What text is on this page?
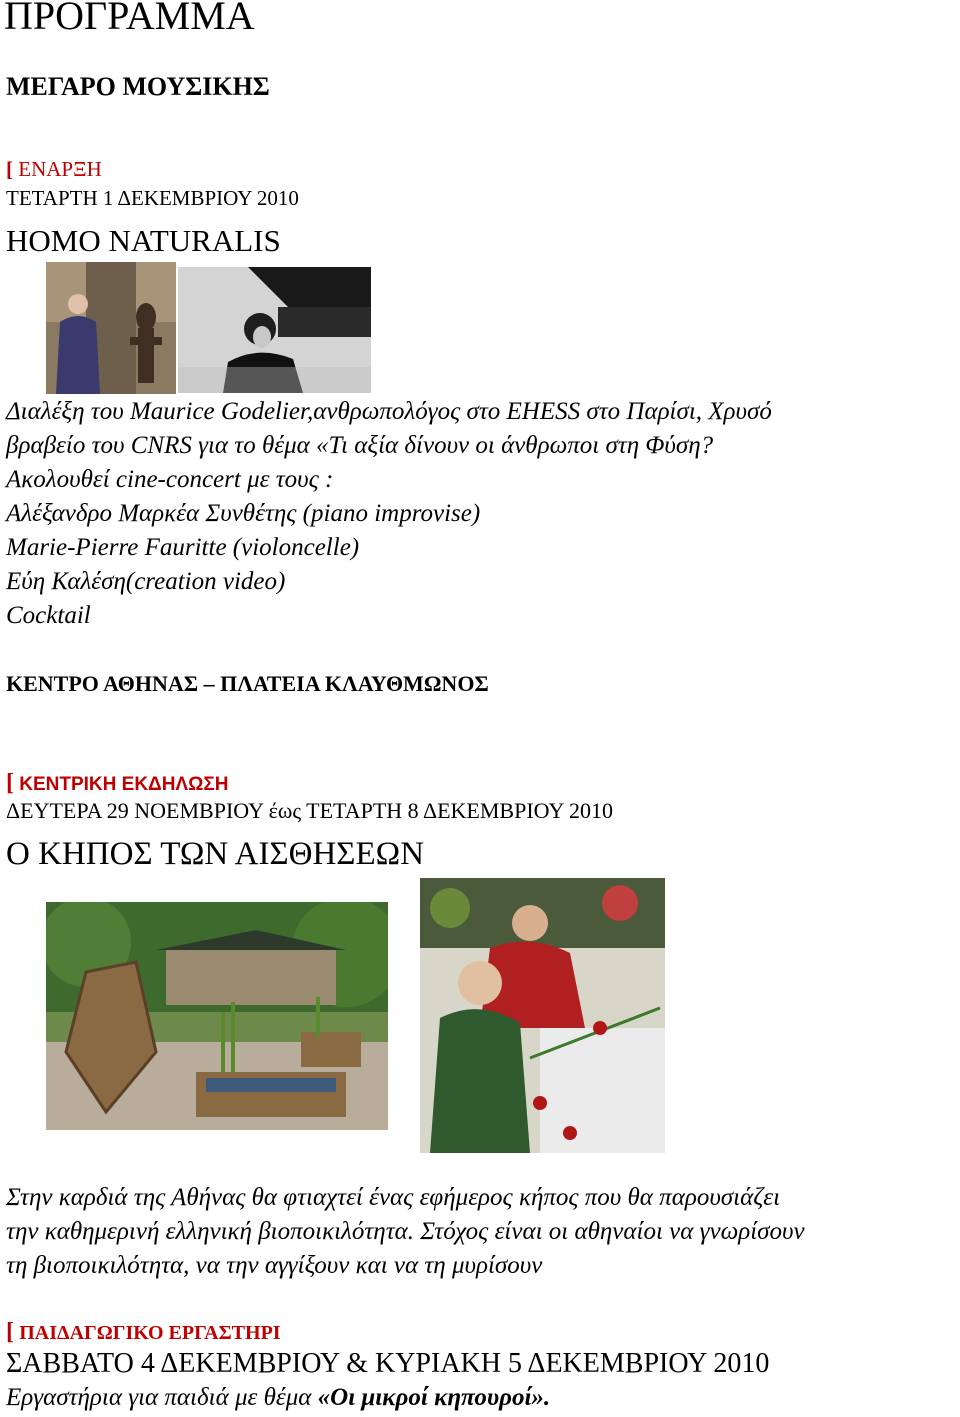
ΠΡΟΓΡΑΜΜΑ
ΜΕΓΑΡΟ ΜΟΥΣΙΚΗΣ
[ ΕΝΑΡΞΗ
ΤΕΤΑΡΤΗ 1 ΔΕΚΕΜΒΡΙΟΥ 2010
HOMO NATURALIS
Διαλέξη του Maurice Godelier,ανθρωπολόγος στο EHESS στο Παρίσι, Χρυσό
βραβείο του CNRS για το θέμα «Τι αξία δίνουν οι άνθρωποι στη Φύση?
Ακολουθεί cine-concert με τους :
Αλέξανδρο Μαρκέα Συνθέτης (piano improvise)
Marie-Pierre Fauritte (violoncelle)
Εύη Καλέση(creation video)
Cocktail
ΚΕΝΤΡΟ ΑΘΗΝΑΣ – ΠΛΑΤΕΙΑ ΚΛΑΥΘΜΩΝΟΣ
[ ΚΕΝΤΡΙΚΗ ΕΚΔΗΛΩΣΗ
ΔΕΥΤΕΡΑ 29 ΝΟΕΜΒΡΙΟΥ έως ΤΕΤΑΡΤΗ 8 ΔΕΚΕΜΒΡΙΟΥ 2010
Ο ΚΗΠΟΣ ΤΩΝ ΑΙΣΘΗΣΕΩΝ
Στην καρδιά της Αθήνας θα φτιαχτεί ένας εφήμερος κήπος που θα παρουσιάζει
την καθημερινή ελληνική βιοποικιλότητα. Στόχος είναι οι αθηναίοι να γνωρίσουν
τη βιοποικιλότητα, να την αγγίξουν και να τη μυρίσουν
[ ΠΑΙΔΑΓΩΓΙΚΟ ΕΡΓΑΣΤΗΡΙ
ΣΑΒΒΑΤΟ 4 ΔΕΚΕΜΒΡΙΟΥ & ΚΥΡΙΑΚΗ 5 ΔΕΚΕΜΒΡΙΟΥ 2010
Εργαστήρια για παιδιά με θέμα «Οι μικροί κηπουροί».
